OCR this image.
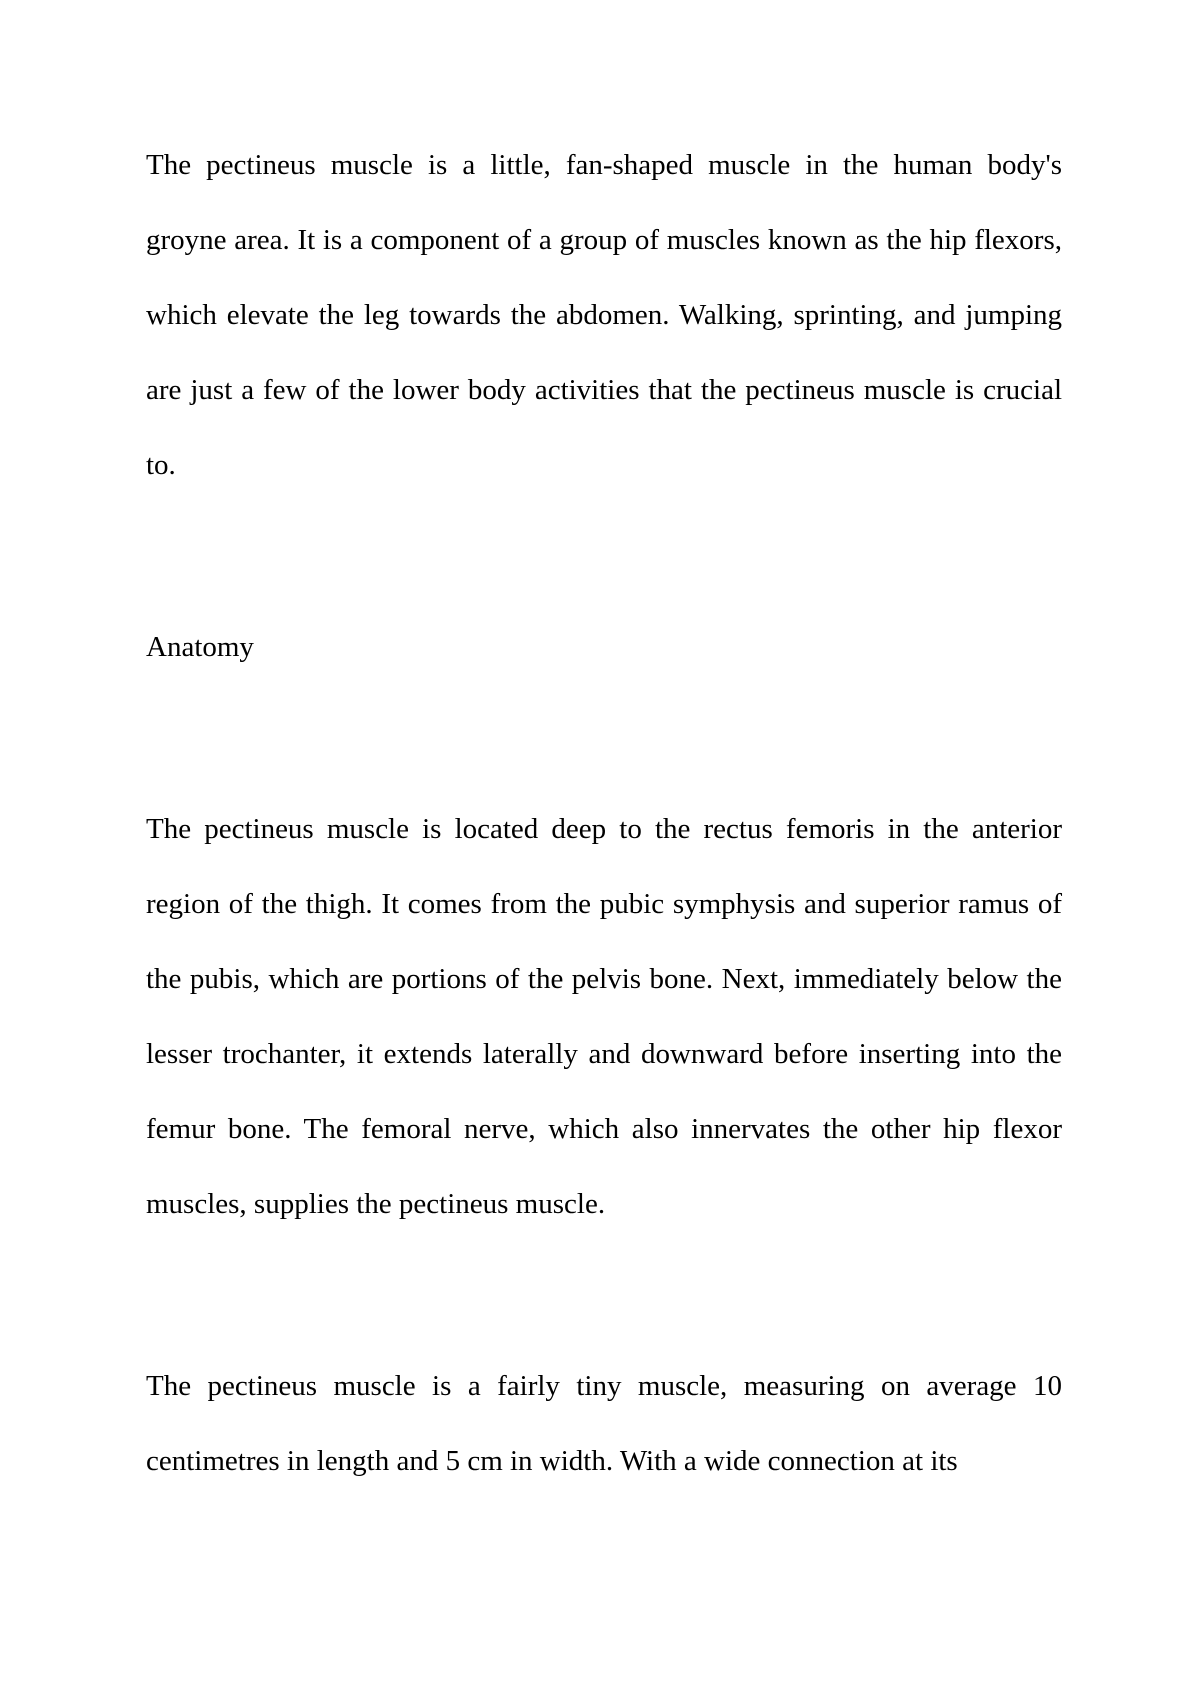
The pectineus muscle is a little, fan-shaped muscle in the human body's groyne area. It is a component of a group of muscles known as the hip flexors, which elevate the leg towards the abdomen. Walking, sprinting, and jumping are just a few of the lower body activities that the pectineus muscle is crucial to.

Anatomy

The pectineus muscle is located deep to the rectus femoris in the anterior region of the thigh. It comes from the pubic symphysis and superior ramus of the pubis, which are portions of the pelvis bone. Next, immediately below the lesser trochanter, it extends laterally and downward before inserting into the femur bone. The femoral nerve, which also innervates the other hip flexor muscles, supplies the pectineus muscle.

The pectineus muscle is a fairly tiny muscle, measuring on average 10 centimetres in length and 5 cm in width. With a wide connection at its
